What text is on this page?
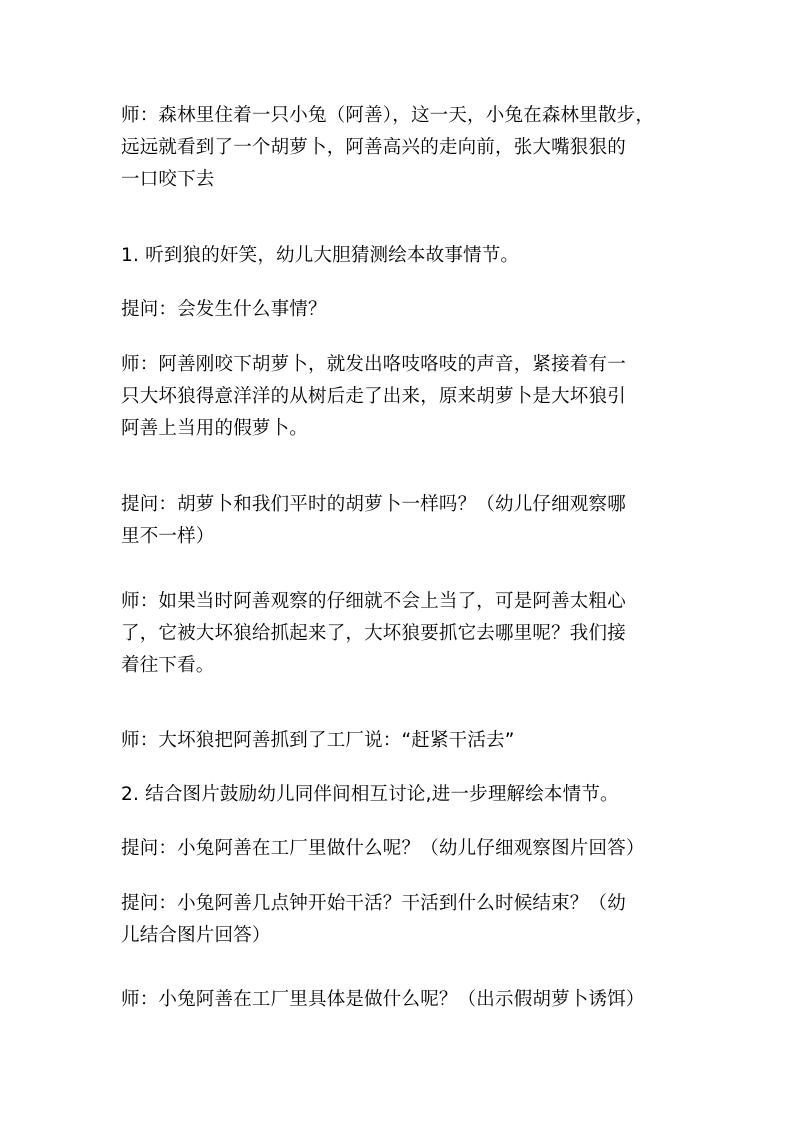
师：森林里住着一只小兔（阿善），这一天，小兔在森林里散步，
远远就看到了一个胡萝卜，阿善高兴的走向前，张大嘴狠狠的
一口咬下去
1. 听到狼的奸笑，幼儿大胆猜测绘本故事情节。
提问：会发生什么事情？
师：阿善刚咬下胡萝卜，就发出咯吱咯吱的声音，紧接着有一
只大坏狼得意洋洋的从树后走了出来，原来胡萝卜是大坏狼引
阿善上当用的假萝卜。
提问：胡萝卜和我们平时的胡萝卜一样吗？（幼儿仔细观察哪
里不一样）
师：如果当时阿善观察的仔细就不会上当了，可是阿善太粗心
了，它被大坏狼给抓起来了，大坏狼要抓它去哪里呢？我们接
着往下看。
师：大坏狼把阿善抓到了工厂说：“赶紧干活去”
2. 结合图片鼓励幼儿同伴间相互讨论,进一步理解绘本情节。
提问：小兔阿善在工厂里做什么呢？（幼儿仔细观察图片回答）
提问：小兔阿善几点钟开始干活？干活到什么时候结束？（幼
儿结合图片回答）
师：小兔阿善在工厂里具体是做什么呢？（出示假胡萝卜诱饵）
